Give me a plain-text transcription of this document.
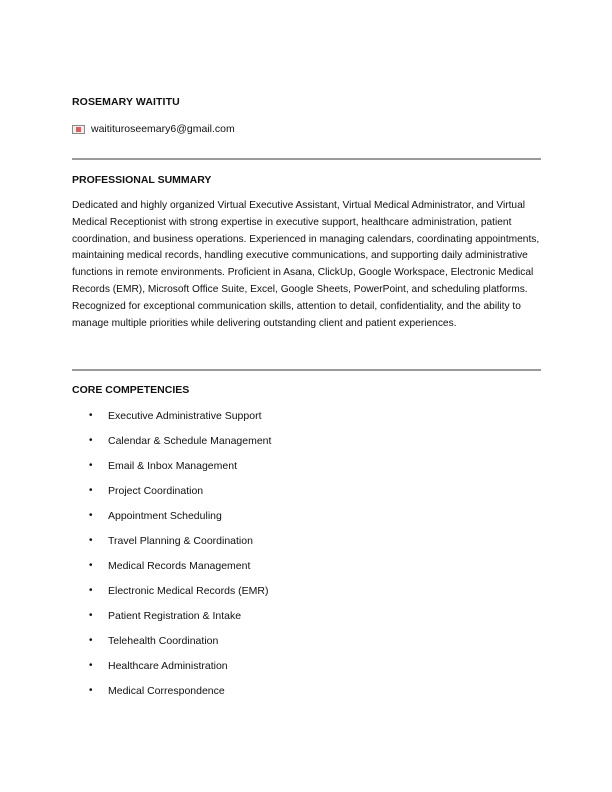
ROSEMARY WAITITU
waitituroseemary6@gmail.com
PROFESSIONAL SUMMARY
Dedicated and highly organized Virtual Executive Assistant, Virtual Medical Administrator, and Virtual Medical Receptionist with strong expertise in executive support, healthcare administration, patient coordination, and business operations. Experienced in managing calendars, coordinating appointments, maintaining medical records, handling executive communications, and supporting daily administrative functions in remote environments. Proficient in Asana, ClickUp, Google Workspace, Electronic Medical Records (EMR), Microsoft Office Suite, Excel, Google Sheets, PowerPoint, and scheduling platforms. Recognized for exceptional communication skills, attention to detail, confidentiality, and the ability to manage multiple priorities while delivering outstanding client and patient experiences.
CORE COMPETENCIES
• Executive Administrative Support
• Calendar & Schedule Management
• Email & Inbox Management
• Project Coordination
• Appointment Scheduling
• Travel Planning & Coordination
• Medical Records Management
• Electronic Medical Records (EMR)
• Patient Registration & Intake
• Telehealth Coordination
• Healthcare Administration
• Medical Correspondence
